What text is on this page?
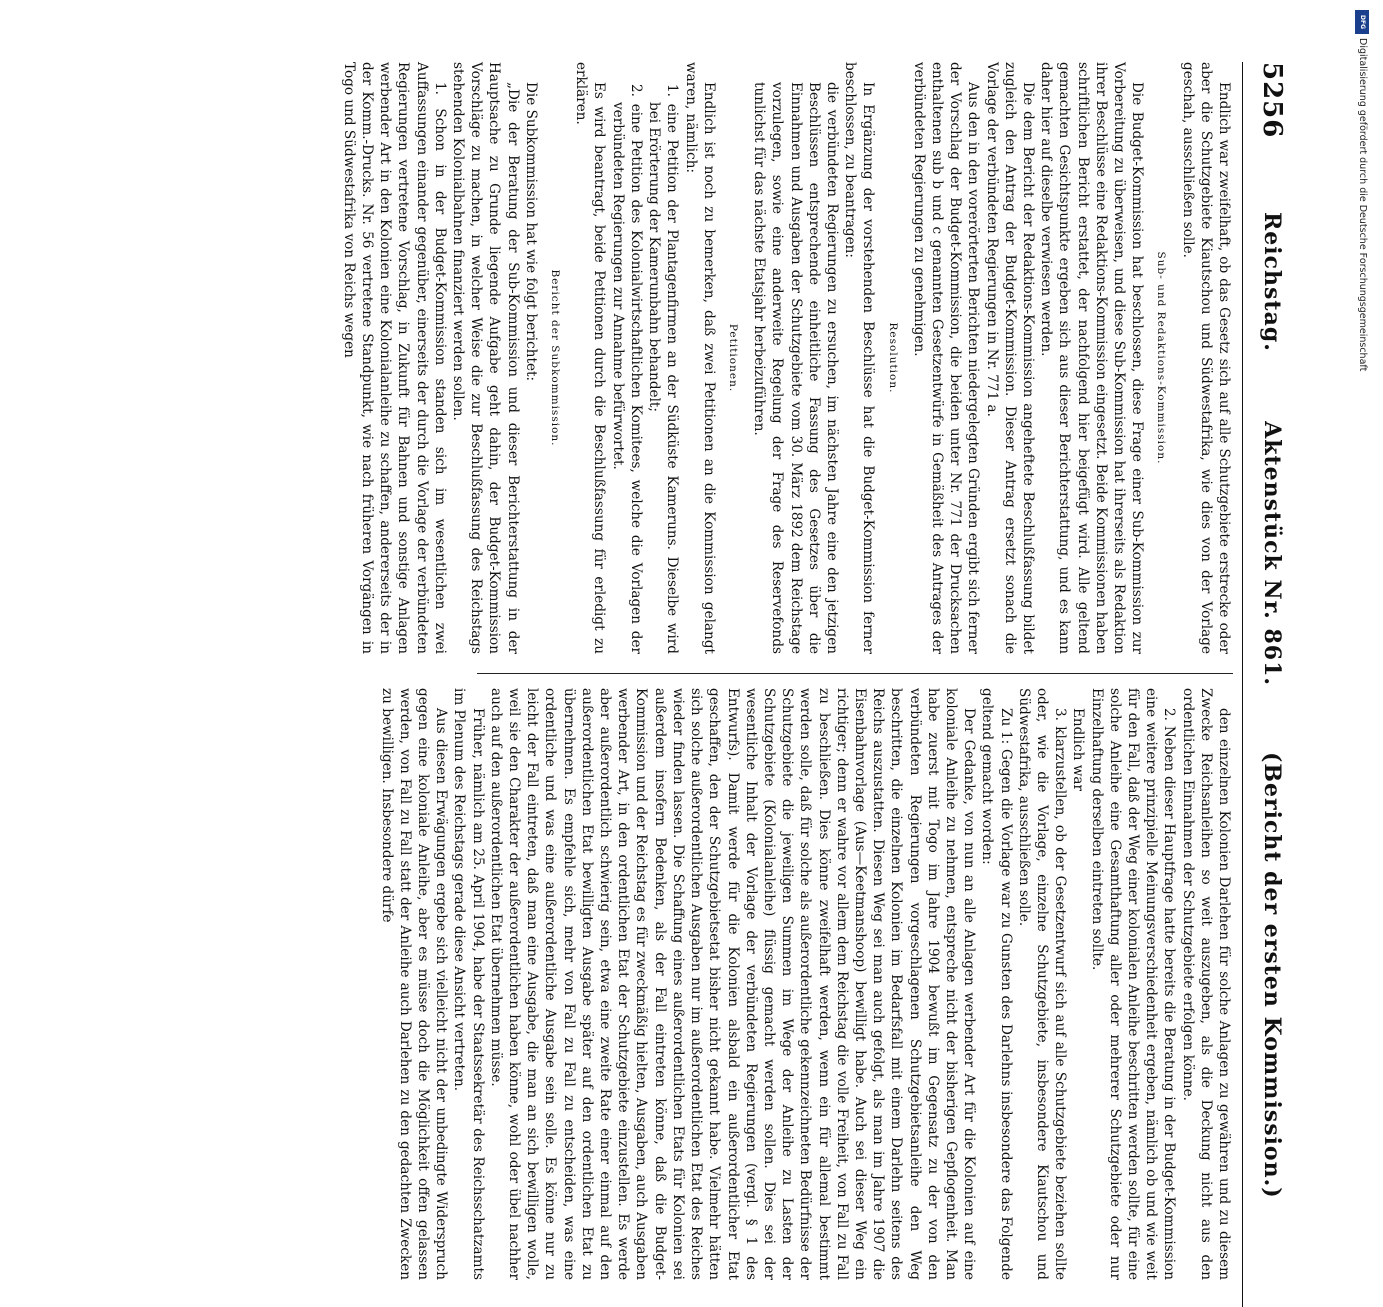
5256
Reichstag.        Aktenstück Nr. 861.
(Bericht der ersten Kommission.)

Endlich war zweifelhaft, ob das Gesetz sich auf alle Schutzgebiete erstrecke oder aber die Schutzgebiete Kiautschou und Südwestafrika, wie dies von der Vorlage geschah, ausschließen solle.

Sub- und Redaktions-Kommission.

Die Budget-Kommission hat beschlossen, diese Frage einer Sub-Kommission zur Vorbereitung zu überweisen, und diese Sub-Kommission hat ihrerseits als Redaktion ihrer Beschlüsse eine Redaktions-Kommission eingesetzt. Beide Kommissionen haben schriftlichen Bericht erstattet, der nachfolgend hier beigefügt wird. Alle geltend gemachten Gesichtspunkte ergeben sich aus dieser Berichterstattung, und es kann daher hier auf dieselbe verwiesen werden.

Die dem Bericht der Redaktions-Kommission angeheftete Beschlußfassung bildet zugleich den Antrag der Budget-Kommission. Dieser Antrag ersetzt sonach die Vorlage der verbündeten Regierungen in Nr. 771 a.

Aus den in den vorerörterten Berichten niedergelegten Gründen ergibt sich ferner der Vorschlag der Budget-Kommission, die beiden unter Nr. 771 der Drucksachen enthaltenen sub b und c genannten Gesetzentwürfe in Gemäßheit des Antrages der verbündeten Regierungen zu genehmigen.

Resolution.

In Ergänzung der vorstehenden Beschlüsse hat die Budget-Kommission ferner beschlossen, zu beantragen:

die verbündeten Regierungen zu ersuchen, im nächsten Jahre eine den jetzigen Beschlüssen entsprechende einheitliche Fassung des Gesetzes über die Einnahmen und Ausgaben der Schutzgebiete vom 30. März 1892 dem Reichstage vorzulegen, sowie eine anderweite Regelung der Frage des Reservefonds tunlichst für das nächste Etatsjahr herbeizuführen.

Petitionen.

Endlich ist noch zu bemerken, daß zwei Petitionen an die Kommission gelangt waren, nämlich:

1. eine Petition der Plantagenfirmen an der Südküste Kameruns. Dieselbe wird bei Erörterung der Kamerunbahn behandelt;

2. eine Petition des Kolonialwirtschaftlichen Komitees, welche die Vorlagen der verbündeten Regierungen zur Annahme befürwortet.

Es wird beantragt, beide Petitionen durch die Beschlußfassung für erledigt zu erklären.

Bericht der Subkommission.

Die Subkommission hat wie folgt berichtet:

„Die der Beratung der Sub-Kommission und dieser Berichterstattung in der Hauptsache zu Grunde liegende Aufgabe geht dahin, der Budget-Kommission Vorschläge zu machen, in welcher Weise die zur Beschlußfassung des Reichstags stehenden Kolonialbahnen finanziert werden sollen.

1. Schon in der Budget-Kommission standen sich im wesentlichen zwei Auffassungen einander gegenüber, einerseits der durch die Vorlage der verbündeten Regierungen vertretene Vorschlag, in Zukunft für Bahnen und sonstige Anlagen werbender Art in den Kolonien eine Kolonialanleihe zu schaffen, andererseits der in der Komm.-Drucks. Nr. 56 vertretene Standpunkt, wie nach früheren Vorgängen in Togo und Südwestafrika von Reichs wegen

den einzelnen Kolonien Darlehen für solche Anlagen zu gewähren und zu diesem Zwecke Reichsanleihen so weit auszugeben, als die Deckung nicht aus den ordentlichen Einnahmen der Schutzgebiete erfolgen könne.

2. Neben dieser Hauptfrage hatte bereits die Beratung in der Budget-Kommission eine weitere prinzipielle Meinungsverschiedenheit ergeben, nämlich ob und wie weit für den Fall, daß der Weg einer kolonialen Anleihe beschritten werden sollte, für eine solche Anleihe eine Gesamthaftung aller oder mehrerer Schutzgebiete oder nur Einzelhaftung derselben eintreten sollte.

Endlich war

3. klarzustellen, ob der Gesetzentwurf sich auf alle Schutzgebiete beziehen sollte oder, wie die Vorlage, einzelne Schutzgebiete, insbesondere Kiautschou und Südwestafrika, ausschließen solle.

Zu 1: Gegen die Vorlage war zu Gunsten des Darlehns insbesondere das Folgende geltend gemacht worden:

Der Gedanke, von nun an alle Anlagen werbender Art für die Kolonien auf eine koloniale Anleihe zu nehmen, entspreche nicht der bisherigen Gepflogenheit. Man habe zuerst mit Togo im Jahre 1904 bewußt im Gegensatz zu der von den verbündeten Regierungen vorgeschlagenen Schutzgebietsanleihe den Weg beschritten, die einzelnen Kolonien im Bedarfsfall mit einem Darlehn seitens des Reichs auszustatten. Diesen Weg sei man auch gefolgt, als man im Jahre 1907 die Eisenbahnvorlage (Aus—Keetmanshoop) bewilligt habe. Auch sei dieser Weg ein richtiger; denn er wahre vor allem dem Reichstag die volle Freiheit, von Fall zu Fall zu beschließen. Dies könne zweifelhaft werden, wenn ein für allemal bestimmt werden solle, daß für solche als außerordentliche gekennzeichneten Bedürfnisse der Schutzgebiete die jeweiligen Summen im Wege der Anleihe zu Lasten der Schutzgebiete (Kolonialanleihe) flüssig gemacht werden sollen. Dies sei der wesentliche Inhalt der Vorlage der verbündeten Regierungen (vergl. § 1 des Entwurfs). Damit werde für die Kolonien alsbald ein außerordentlicher Etat geschaffen, den der Schutzgebietsetat bisher nicht gekannt habe. Vielmehr hätten sich solche außerordentlichen Ausgaben nur im außerordentlichen Etat des Reiches wieder finden lassen. Die Schaffung eines außerordentlichen Etats für Kolonien sei außerdem insofern Bedenken, als der Fall eintreten könne, daß die Budget-Kommission und der Reichstag es für zweckmäßig hielten, Ausgaben, auch Ausgaben werbender Art, in den ordentlichen Etat der Schutzgebiete einzustellen. Es werde aber außerordentlich schwierig sein, etwa eine zweite Rate einer einmal auf den außerordentlichen Etat bewilligten Ausgabe später auf den ordentlichen Etat zu übernehmen. Es empfehle sich, mehr von Fall zu Fall zu entscheiden, was eine ordentliche und was eine außerordentliche Ausgabe sein solle. Es könne nur zu leicht der Fall eintreten, daß man eine Ausgabe, die man an sich bewilligen wolle, weil sie den Charakter der außerordentlichen haben könne, wohl oder übel nachher auch auf den außerordentlichen Etat übernehmen müsse.

Früher, nämlich am 25. April 1904, habe der Staatssekretär des Reichsschatzamts im Plenum des Reichstags gerade diese Ansicht vertreten.

Aus diesen Erwägungen ergebe sich vielleicht nicht der unbedingte Widerspruch gegen eine koloniale Anleihe, aber es müsse doch die Möglichkeit offen gelassen werden, von Fall zu Fall statt der Anleihe auch Darlehen zu den gedachten Zwecken zu bewilligen. Insbesondere dürfe

DFG
Digitalisierung gefördert durch die Deutsche Forschungsgemeinschaft
